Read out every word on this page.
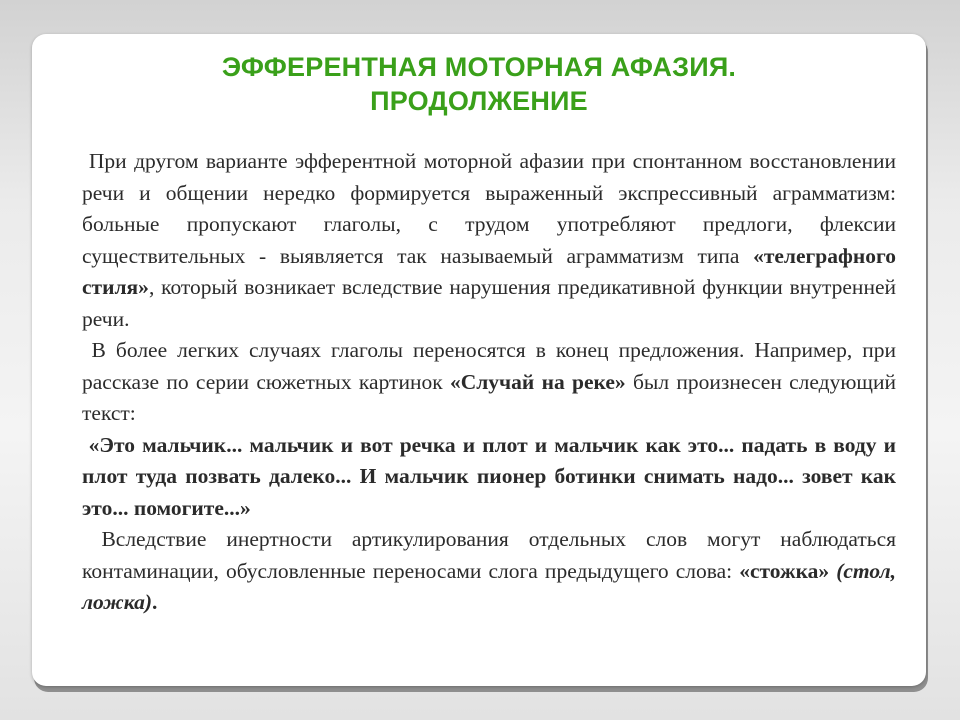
ЭФФЕРЕНТНАЯ МОТОРНАЯ АФАЗИЯ.
ПРОДОЛЖЕНИЕ

При другом варианте эфферентной моторной афазии при спонтанном восстановлении речи и общении нередко формируется выраженный экспрессивный аграмматизм: больные пропускают глаголы, с трудом употребляют предлоги, флексии существительных - выявляется так называемый аграмматизм типа «телеграфного стиля», который возникает вследствие нарушения предикативной функции внутренней речи.

В более легких случаях глаголы переносятся в конец предложения. Например, при рассказе по серии сюжетных картинок «Случай на реке» был произнесен следующий текст:

«Это мальчик... мальчик и вот речка и плот и мальчик как это... падать в воду и плот туда позвать далеко... И мальчик пионер ботинки снимать надо... зовет как это... помогите...»

Вследствие инертности артикулирования отдельных слов могут наблюдаться контаминации, обусловленные переносами слога предыдущего слова: «стожка» (стол, ложка).
